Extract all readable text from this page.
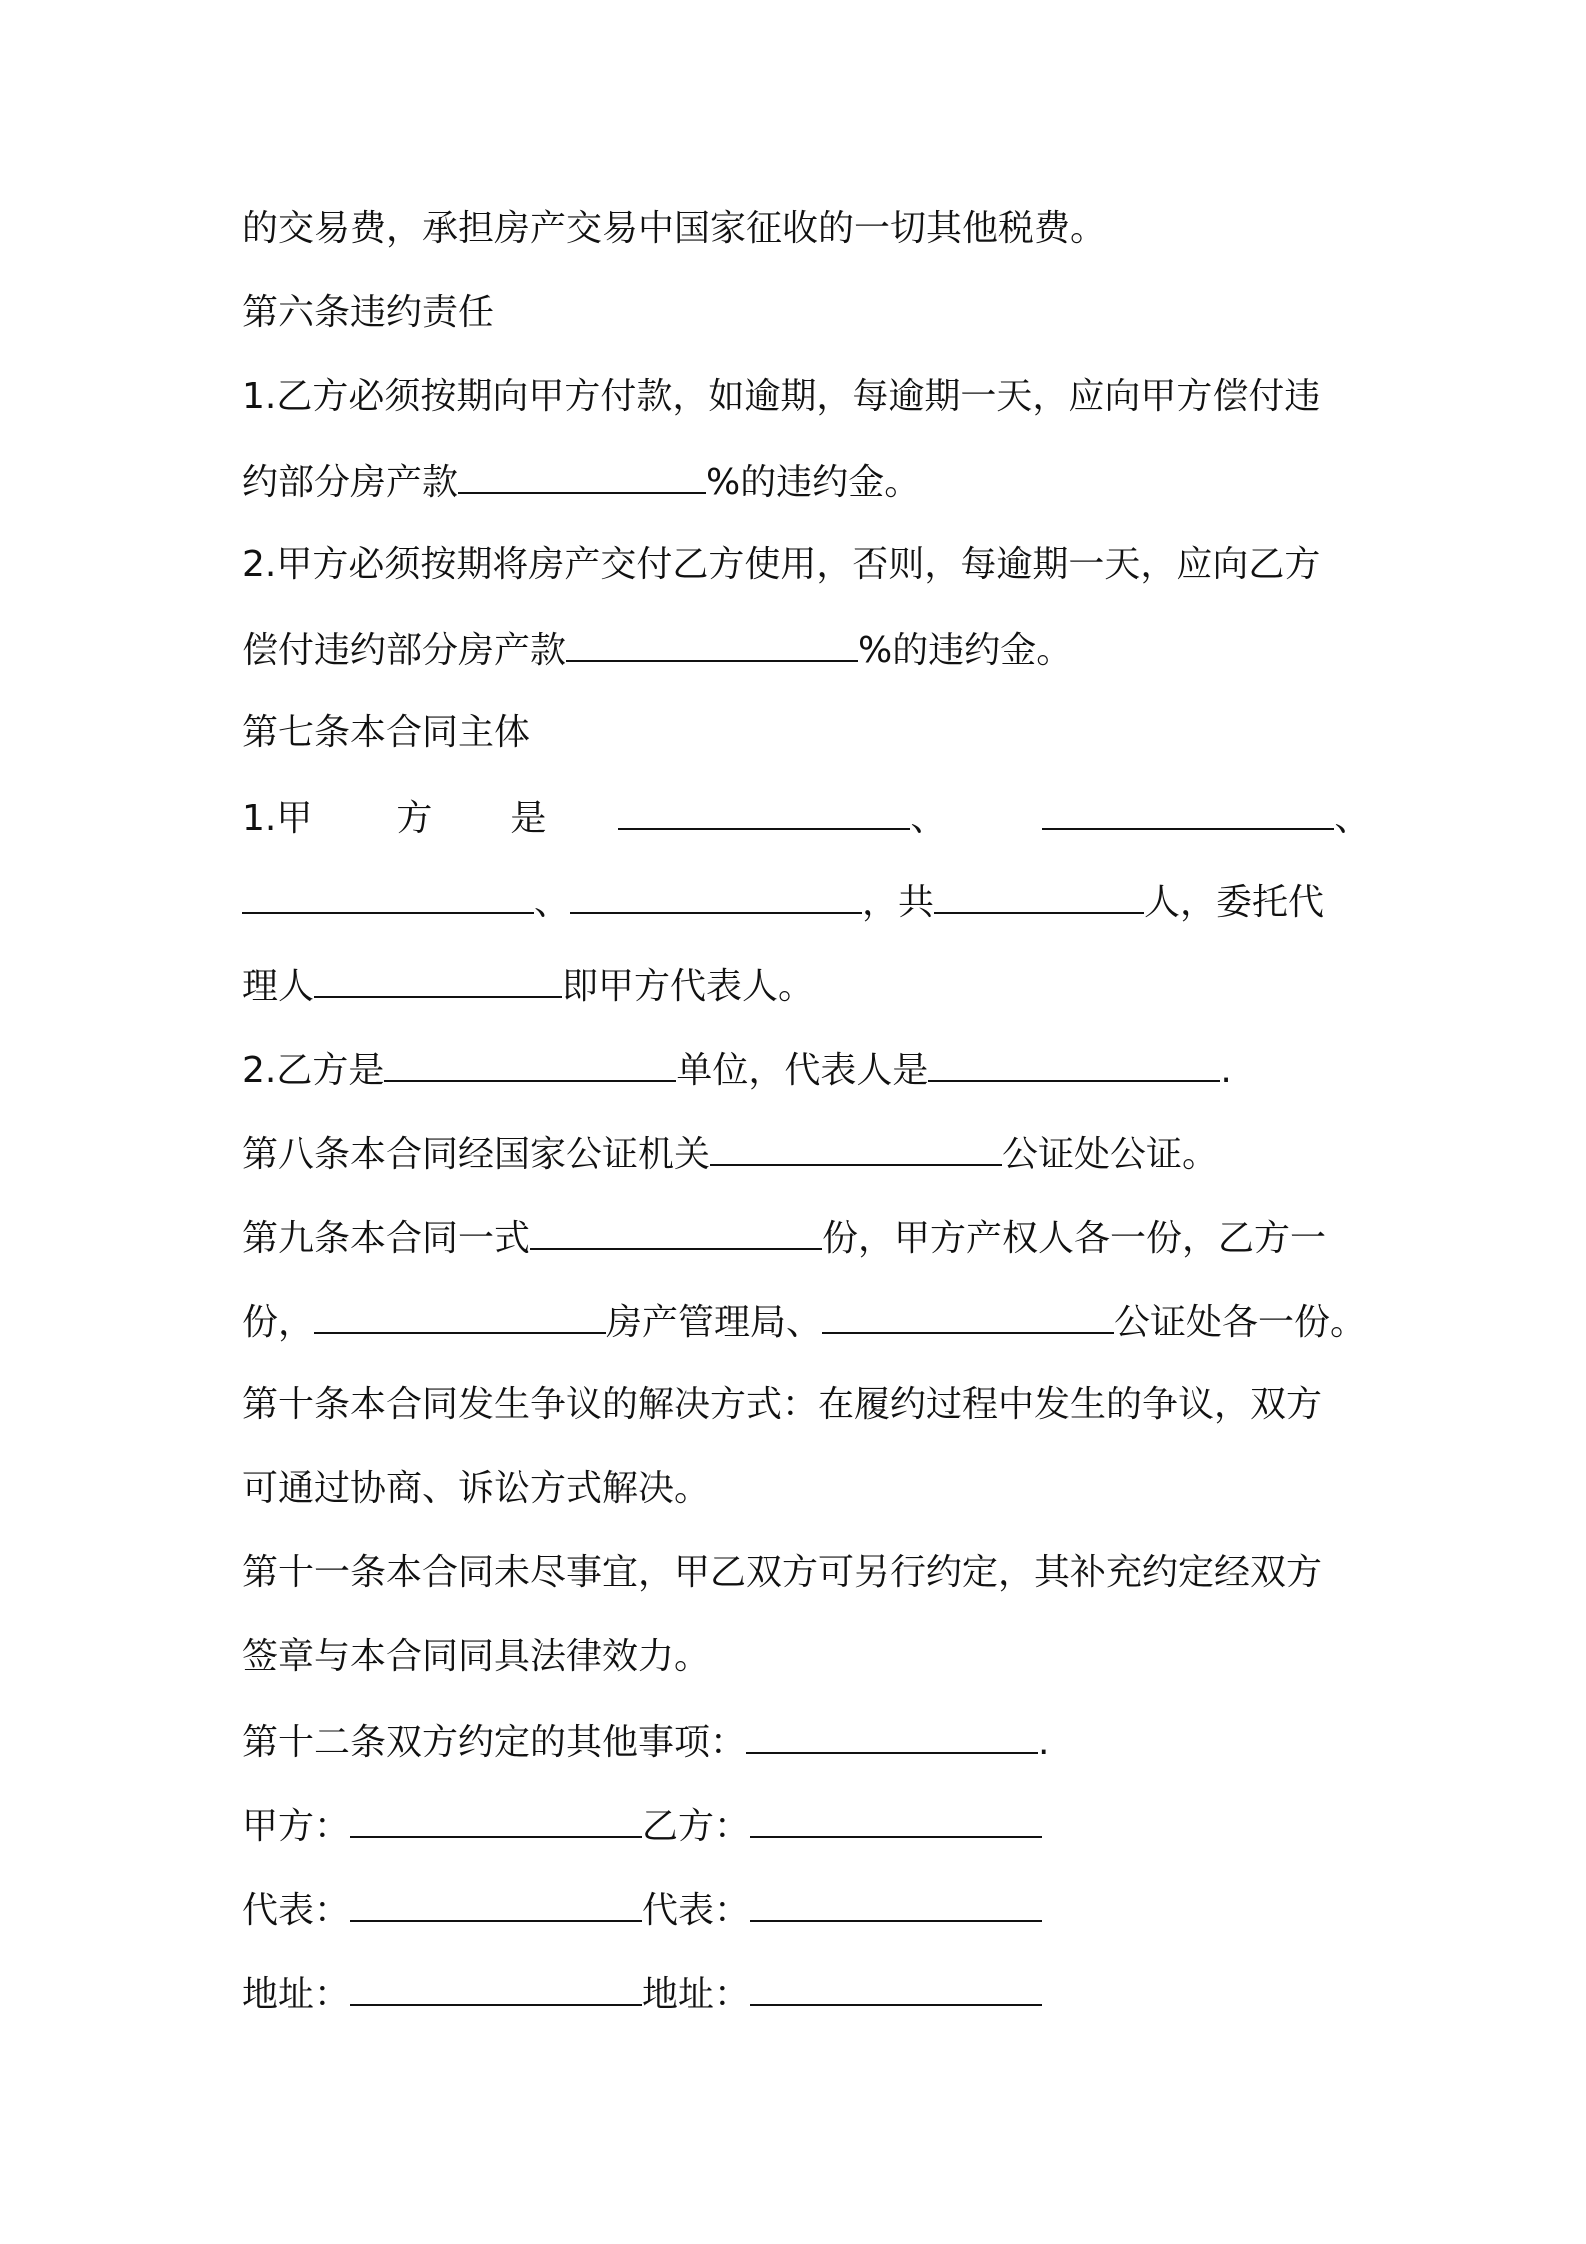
的交易费，承担房产交易中国家征收的一切其他税费。
第六条违约责任
1.乙方必须按期向甲方付款，如逾期，每逾期一天，应向甲方偿付违
约部分房产款	%的违约金。
2.甲方必须按期将房产交付乙方使用，否则，每逾期一天，应向乙方
偿付违约部分房产款	%的违约金。
第七条本合同主体
1.甲 方 是	、	、
、	，共	人，委托代
理人	即甲方代表人。
2.乙方是	单位，代表人是	.
第八条本合同经国家公证机关	公证处公证。
第九条本合同一式	份，甲方产权人各一份，乙方一
份，	房产管理局、	公证处各一份。
第十条本合同发生争议的解决方式：在履约过程中发生的争议，双方
可通过协商、诉讼方式解决。
第十一条本合同未尽事宜，甲乙双方可另行约定，其补充约定经双方
签章与本合同同具法律效力。
第十二条双方约定的其他事项：	.
甲方：	乙方：
代表：	代表：
地址：	地址：
